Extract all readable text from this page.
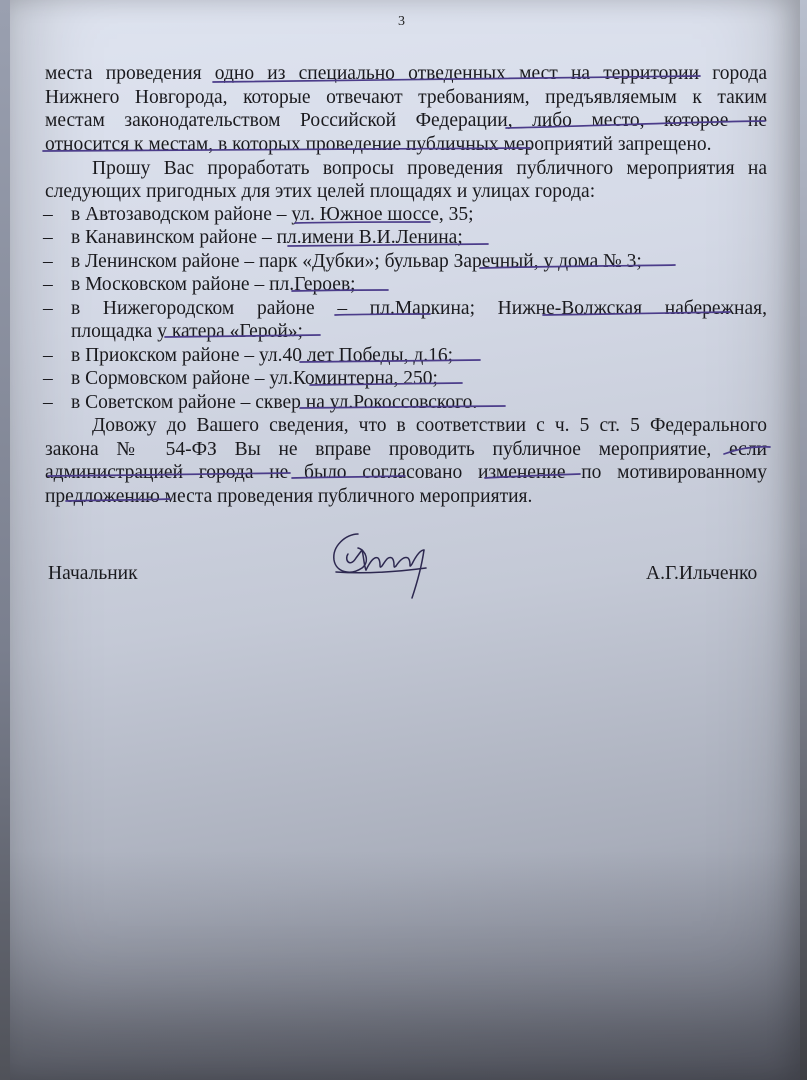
3
места проведения одно из специально отведенных мест на территории города
Нижнего Новгорода, которые отвечают требованиям, предъявляемым к таким
местам законодательством Российской Федерации, либо место, которое не
относится к местам, в которых проведение публичных мероприятий запрещено.
Прошу Вас проработать вопросы проведения публичного мероприятия на
следующих пригодных для этих целей площадях и улицах города:
– в Автозаводском районе – ул. Южное шоссе, 35;
– в Канавинском районе – пл.имени В.И.Ленина;
– в Ленинском районе – парк «Дубки»; бульвар Заречный, у дома № 3;
– в Московском районе – пл.Героев;
– в Нижегородском районе – пл.Маркина; Нижне-Волжская набережная,
площадка у катера «Герой»;
– в Приокском районе – ул.40 лет Победы, д.16;
– в Сормовском районе – ул.Коминтерна, 250;
– в Советском районе – сквер на ул.Рокоссовского.
Довожу до Вашего сведения, что в соответствии с ч. 5 ст. 5 Федерального
закона № 54-ФЗ Вы не вправе проводить публичное мероприятие, если
администрацией города не было согласовано изменение по мотивированному
предложению места проведения публичного мероприятия.
Начальник	А.Г.Ильченко
